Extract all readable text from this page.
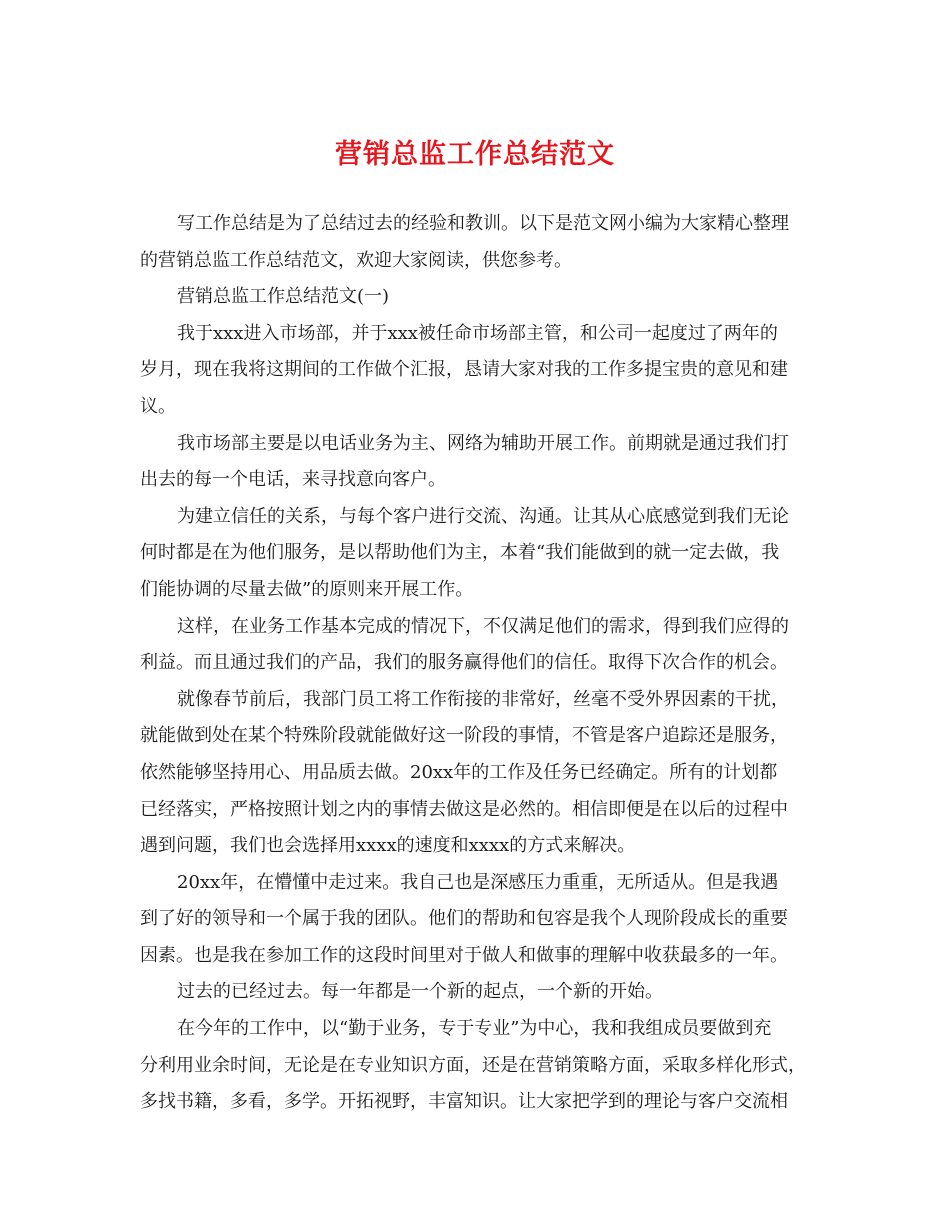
营销总监工作总结范文
写工作总结是为了总结过去的经验和教训。以下是范文网小编为大家精心整理
的营销总监工作总结范文，欢迎大家阅读，供您参考。
营销总监工作总结范文(一)
我于xxx进入市场部，并于xxx被任命市场部主管，和公司一起度过了两年的
岁月，现在我将这期间的工作做个汇报，恳请大家对我的工作多提宝贵的意见和建
议。
我市场部主要是以电话业务为主、网络为辅助开展工作。前期就是通过我们打
出去的每一个电话，来寻找意向客户。
为建立信任的关系，与每个客户进行交流、沟通。让其从心底感觉到我们无论
何时都是在为他们服务，是以帮助他们为主，本着“我们能做到的就一定去做，我
们能协调的尽量去做”的原则来开展工作。
这样，在业务工作基本完成的情况下，不仅满足他们的需求，得到我们应得的
利益。而且通过我们的产品，我们的服务赢得他们的信任。取得下次合作的机会。
就像春节前后，我部门员工将工作衔接的非常好，丝毫不受外界因素的干扰，
就能做到处在某个特殊阶段就能做好这一阶段的事情，不管是客户追踪还是服务，
依然能够坚持用心、用品质去做。20xx年的工作及任务已经确定。所有的计划都
已经落实，严格按照计划之内的事情去做这是必然的。相信即便是在以后的过程中
遇到问题，我们也会选择用xxxx的速度和xxxx的方式来解决。
20xx年，在懵懂中走过来。我自己也是深感压力重重，无所适从。但是我遇
到了好的领导和一个属于我的团队。他们的帮助和包容是我个人现阶段成长的重要
因素。也是我在参加工作的这段时间里对于做人和做事的理解中收获最多的一年。
过去的已经过去。每一年都是一个新的起点，一个新的开始。
在今年的工作中，以“勤于业务，专于专业”为中心，我和我组成员要做到充
分利用业余时间，无论是在专业知识方面，还是在营销策略方面，采取多样化形式，
多找书籍，多看，多学。开拓视野，丰富知识。让大家把学到的理论与客户交流相
